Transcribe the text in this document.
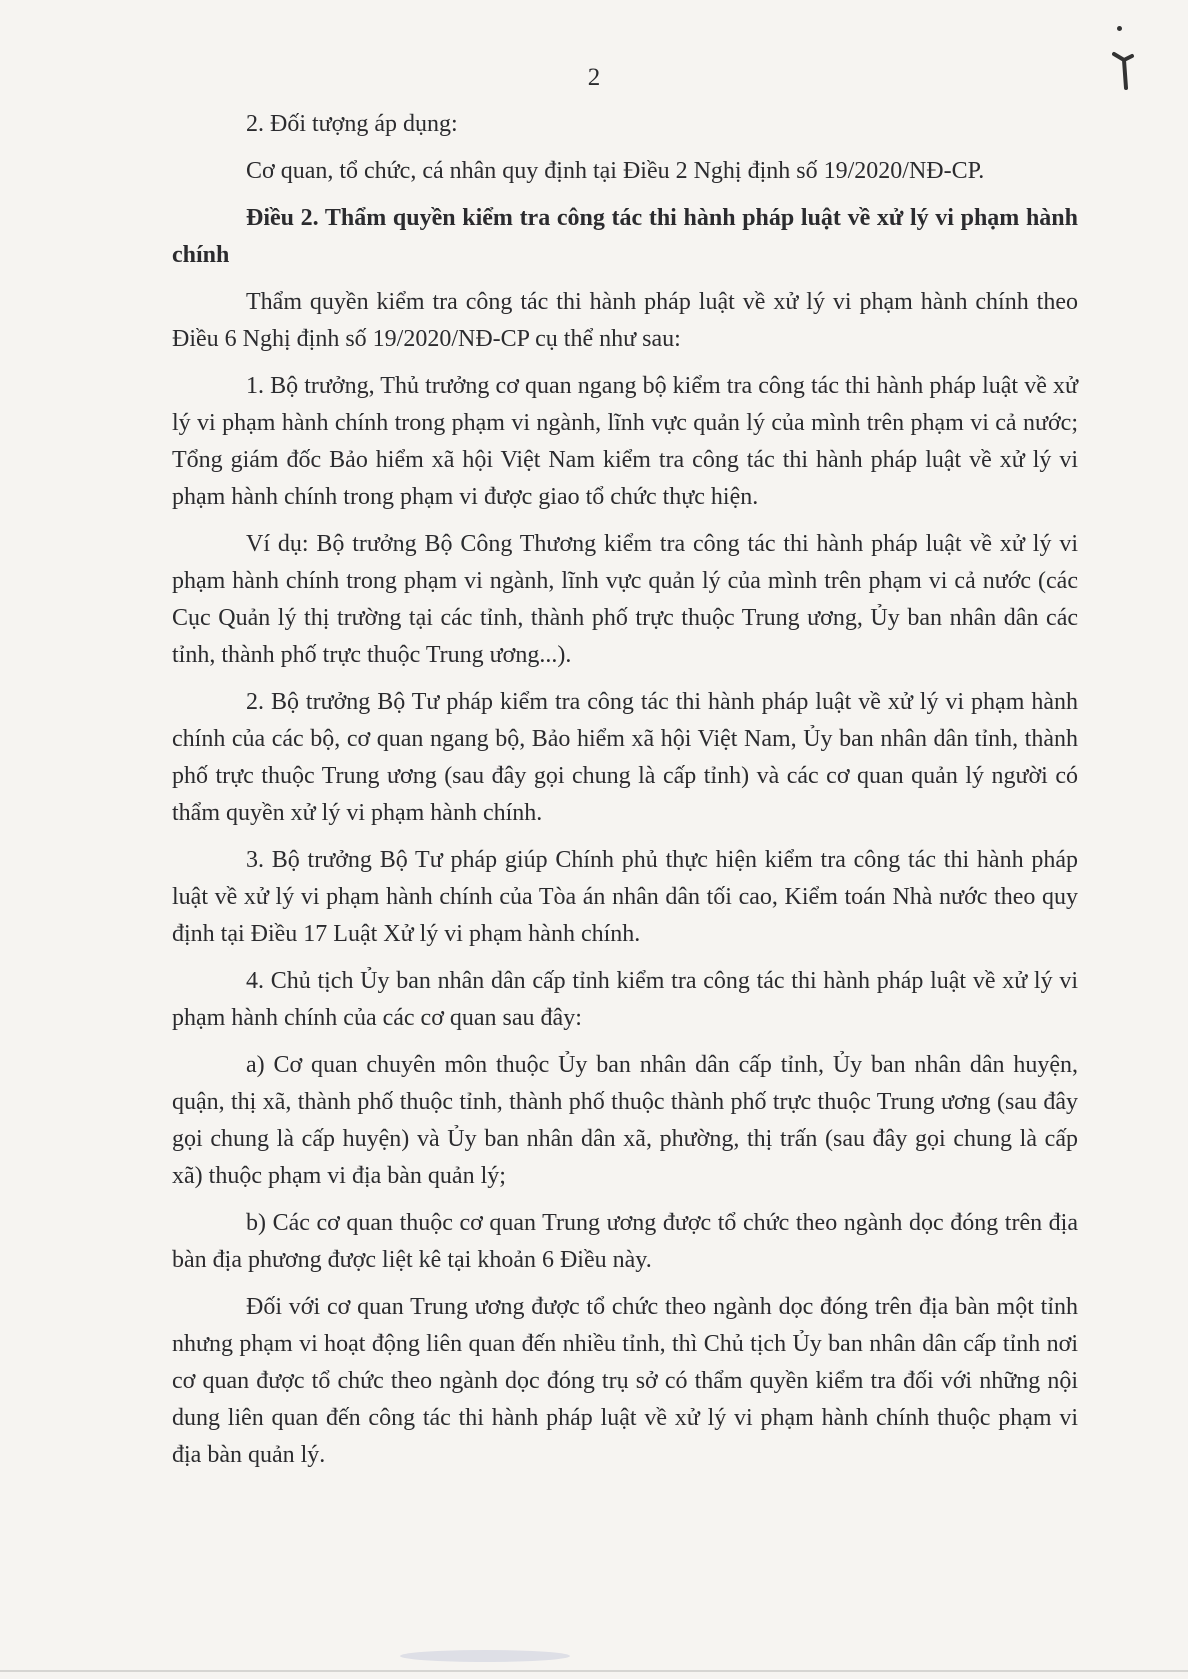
2

2. Đối tượng áp dụng:

Cơ quan, tổ chức, cá nhân quy định tại Điều 2 Nghị định số 19/2020/NĐ-CP.

Điều 2. Thẩm quyền kiểm tra công tác thi hành pháp luật về xử lý vi phạm hành chính

Thẩm quyền kiểm tra công tác thi hành pháp luật về xử lý vi phạm hành chính theo Điều 6 Nghị định số 19/2020/NĐ-CP cụ thể như sau:

1. Bộ trưởng, Thủ trưởng cơ quan ngang bộ kiểm tra công tác thi hành pháp luật về xử lý vi phạm hành chính trong phạm vi ngành, lĩnh vực quản lý của mình trên phạm vi cả nước; Tổng giám đốc Bảo hiểm xã hội Việt Nam kiểm tra công tác thi hành pháp luật về xử lý vi phạm hành chính trong phạm vi được giao tổ chức thực hiện.

Ví dụ: Bộ trưởng Bộ Công Thương kiểm tra công tác thi hành pháp luật về xử lý vi phạm hành chính trong phạm vi ngành, lĩnh vực quản lý của mình trên phạm vi cả nước (các Cục Quản lý thị trường tại các tỉnh, thành phố trực thuộc Trung ương, Ủy ban nhân dân các tỉnh, thành phố trực thuộc Trung ương...).

2. Bộ trưởng Bộ Tư pháp kiểm tra công tác thi hành pháp luật về xử lý vi phạm hành chính của các bộ, cơ quan ngang bộ, Bảo hiểm xã hội Việt Nam, Ủy ban nhân dân tỉnh, thành phố trực thuộc Trung ương (sau đây gọi chung là cấp tỉnh) và các cơ quan quản lý người có thẩm quyền xử lý vi phạm hành chính.

3. Bộ trưởng Bộ Tư pháp giúp Chính phủ thực hiện kiểm tra công tác thi hành pháp luật về xử lý vi phạm hành chính của Tòa án nhân dân tối cao, Kiểm toán Nhà nước theo quy định tại Điều 17 Luật Xử lý vi phạm hành chính.

4. Chủ tịch Ủy ban nhân dân cấp tỉnh kiểm tra công tác thi hành pháp luật về xử lý vi phạm hành chính của các cơ quan sau đây:

a) Cơ quan chuyên môn thuộc Ủy ban nhân dân cấp tỉnh, Ủy ban nhân dân huyện, quận, thị xã, thành phố thuộc tỉnh, thành phố thuộc thành phố trực thuộc Trung ương (sau đây gọi chung là cấp huyện) và Ủy ban nhân dân xã, phường, thị trấn (sau đây gọi chung là cấp xã) thuộc phạm vi địa bàn quản lý;

b) Các cơ quan thuộc cơ quan Trung ương được tổ chức theo ngành dọc đóng trên địa bàn địa phương được liệt kê tại khoản 6 Điều này.

Đối với cơ quan Trung ương được tổ chức theo ngành dọc đóng trên địa bàn một tỉnh nhưng phạm vi hoạt động liên quan đến nhiều tỉnh, thì Chủ tịch Ủy ban nhân dân cấp tỉnh nơi cơ quan được tổ chức theo ngành dọc đóng trụ sở có thẩm quyền kiểm tra đối với những nội dung liên quan đến công tác thi hành pháp luật về xử lý vi phạm hành chính thuộc phạm vi địa bàn quản lý.
